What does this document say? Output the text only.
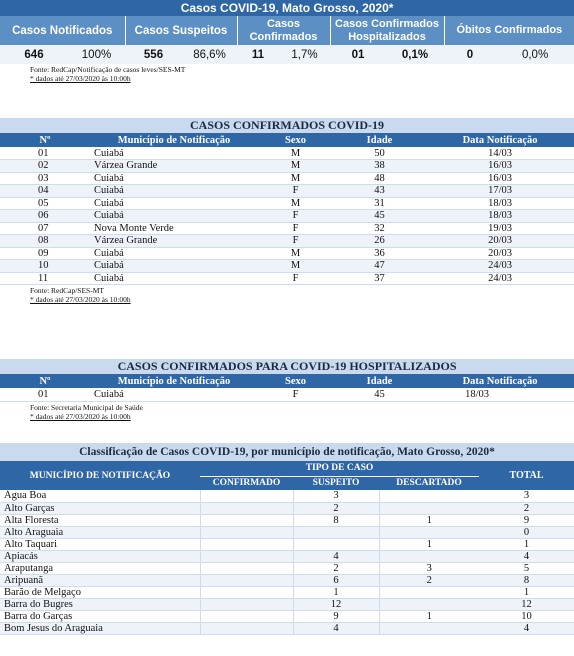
Casos COVID-19, Mato Grosso, 2020*									
Casos Notificados		Casos Suspeitos		Casos Confirmados		Casos Confirmados Hospitalizados		Óbitos Confirmados	
646	100%	556	86,6%	11	1,7%	01	0,1%	0	0,0%
Fonte: RedCap/Notificação de casos leves/SES-MT
* dados até 27/03/2020 às 10:00h
CASOS CONFIRMADOS COVID-19				
Nº	Município de Notificação	Sexo	Idade	Data Notificação
01	Cuiabá	M	50	14/03
02	Várzea Grande	M	38	16/03
03	Cuiabá	M	48	16/03
04	Cuiabá	F	43	17/03
05	Cuiabá	M	31	18/03
06	Cuiabá	F	45	18/03
07	Nova Monte Verde	F	32	19/03
08	Várzea Grande	F	26	20/03
09	Cuiabá	M	36	20/03
10	Cuiabá	M	47	24/03
11	Cuiabá	F	37	24/03
Fonte: RedCap/SES-MT
* dados até 27/03/2020 às 10:00h
CASOS CONFIRMADOS PARA COVID-19 HOSPITALIZADOS				
Nº	Município de Notificação	Sexo	Idade	Data Notificação
01	Cuiabá	F	45	18/03
Fonte: Secretaria Municipal de Saúde
* dados até 27/03/2020 às 10:00h
Classificação de Casos COVID-19, por município de notificação, Mato Grosso, 2020*				
MUNICÍPIO DE NOTIFICAÇÃO	TIPO DE CASO			TOTAL
	CONFIRMADO	SUSPEITO	DESCARTADO	
Água Boa		3		3
Alto Garças		2		2
Alta Floresta		8	1	9
Alto Araguaia				0
Alto Taquari			1	1
Apiacás		4		4
Araputanga		2	3	5
Aripuanã		6	2	8
Barão de Melgaço		1		1
Barra do Bugres		12		12
Barra do Garças		9	1	10
Bom Jesus do Araguaia		4		4
